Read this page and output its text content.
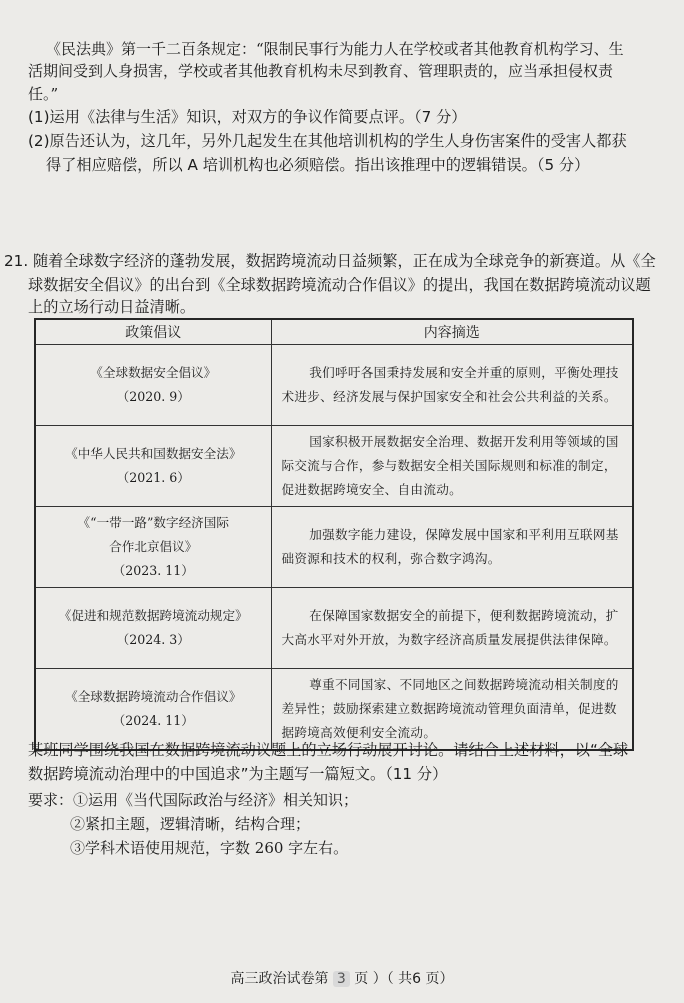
《民法典》第一千二百条规定：“限制民事行为能力人在学校或者其他教育机构学习、生
活期间受到人身损害，学校或者其他教育机构未尽到教育、管理职责的，应当承担侵权责
任。”
(1)运用《法律与生活》知识，对双方的争议作简要点评。（7 分）
(2)原告还认为，这几年，另外几起发生在其他培训机构的学生人身伤害案件的受害人都获
得了相应赔偿，所以 A 培训机构也必须赔偿。指出该推理中的逻辑错误。（5 分）
21. 随着全球数字经济的蓬勃发展，数据跨境流动日益频繁，正在成为全球竞争的新赛道。从《全
球数据安全倡议》的出台到《全球数据跨境流动合作倡议》的提出，我国在数据跨境流动议题
上的立场行动日益清晰。
政策倡议	内容摘选

《全球数据安全倡议》
（2020. 9）	我们呼吁各国秉持发展和安全并重的原则，平衡处理技术进步、经济发展与保护国家安全和社会公共利益的关系。

《中华人民共和国数据安全法》
（2021. 6）	国家积极开展数据安全治理、数据开发利用等领域的国际交流与合作，参与数据安全相关国际规则和标准的制定，促进数据跨境安全、自由流动。

《“一带一路”数字经济国际
合作北京倡议》
（2023. 11）	加强数字能力建设，保障发展中国家和平利用互联网基础资源和技术的权利，弥合数字鸿沟。

《促进和规范数据跨境流动规定》
（2024. 3）	在保障国家数据安全的前提下，便利数据跨境流动，扩大高水平对外开放，为数字经济高质量发展提供法律保障。

《全球数据跨境流动合作倡议》
（2024. 11）	尊重不同国家、不同地区之间数据跨境流动相关制度的差异性；鼓励探索建立数据跨境流动管理负面清单，促进数据跨境高效便利安全流动。
某班同学围绕我国在数据跨境流动议题上的立场行动展开讨论。请结合上述材料，以“全球
数据跨境流动治理中的中国追求”为主题写一篇短文。（11 分）
要求：①运用《当代国际政治与经济》相关知识；
②紧扣主题，逻辑清晰，结构合理；
③学科术语使用规范，字数 260 字左右。
高三政治试卷第 3 页 ）（ 共6 页）
